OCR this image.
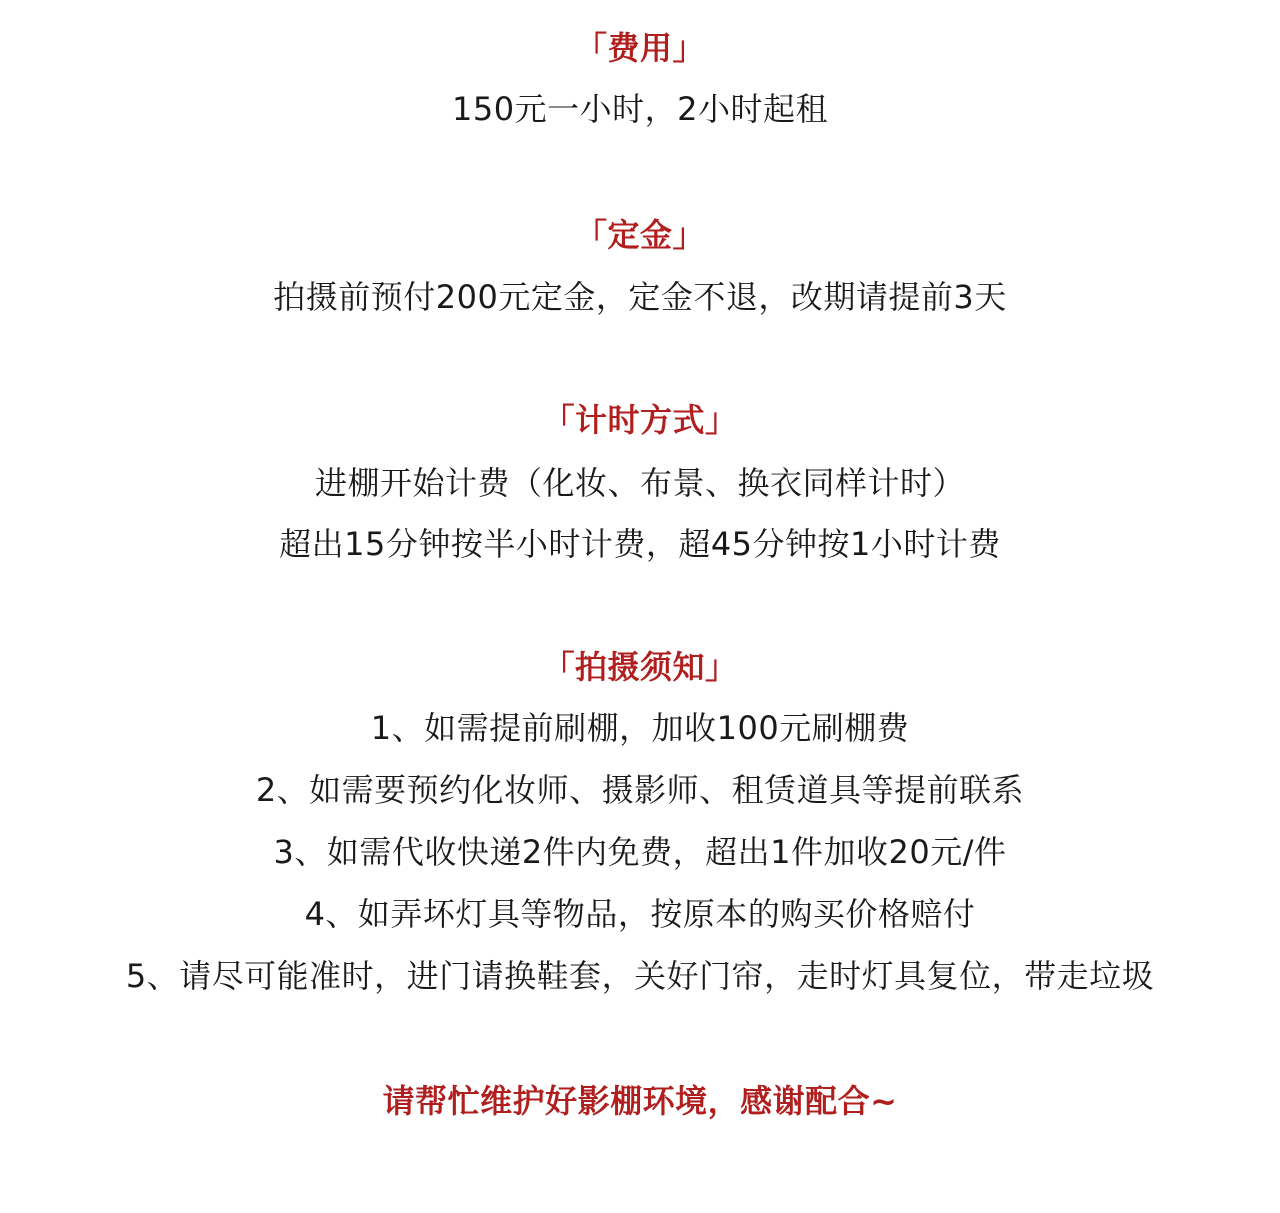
「费用」
150元一小时，2小时起租
「定金」
拍摄前预付200元定金，定金不退，改期请提前3天
「计时方式」
进棚开始计费（化妆、布景、换衣同样计时）
超出15分钟按半小时计费，超45分钟按1小时计费
「拍摄须知」
1、如需提前刷棚，加收100元刷棚费
2、如需要预约化妆师、摄影师、租赁道具等提前联系
3、如需代收快递2件内免费，超出1件加收20元/件
4、如弄坏灯具等物品，按原本的购买价格赔付
5、请尽可能准时，进门请换鞋套，关好门帘，走时灯具复位，带走垃圾
请帮忙维护好影棚环境，感谢配合~
